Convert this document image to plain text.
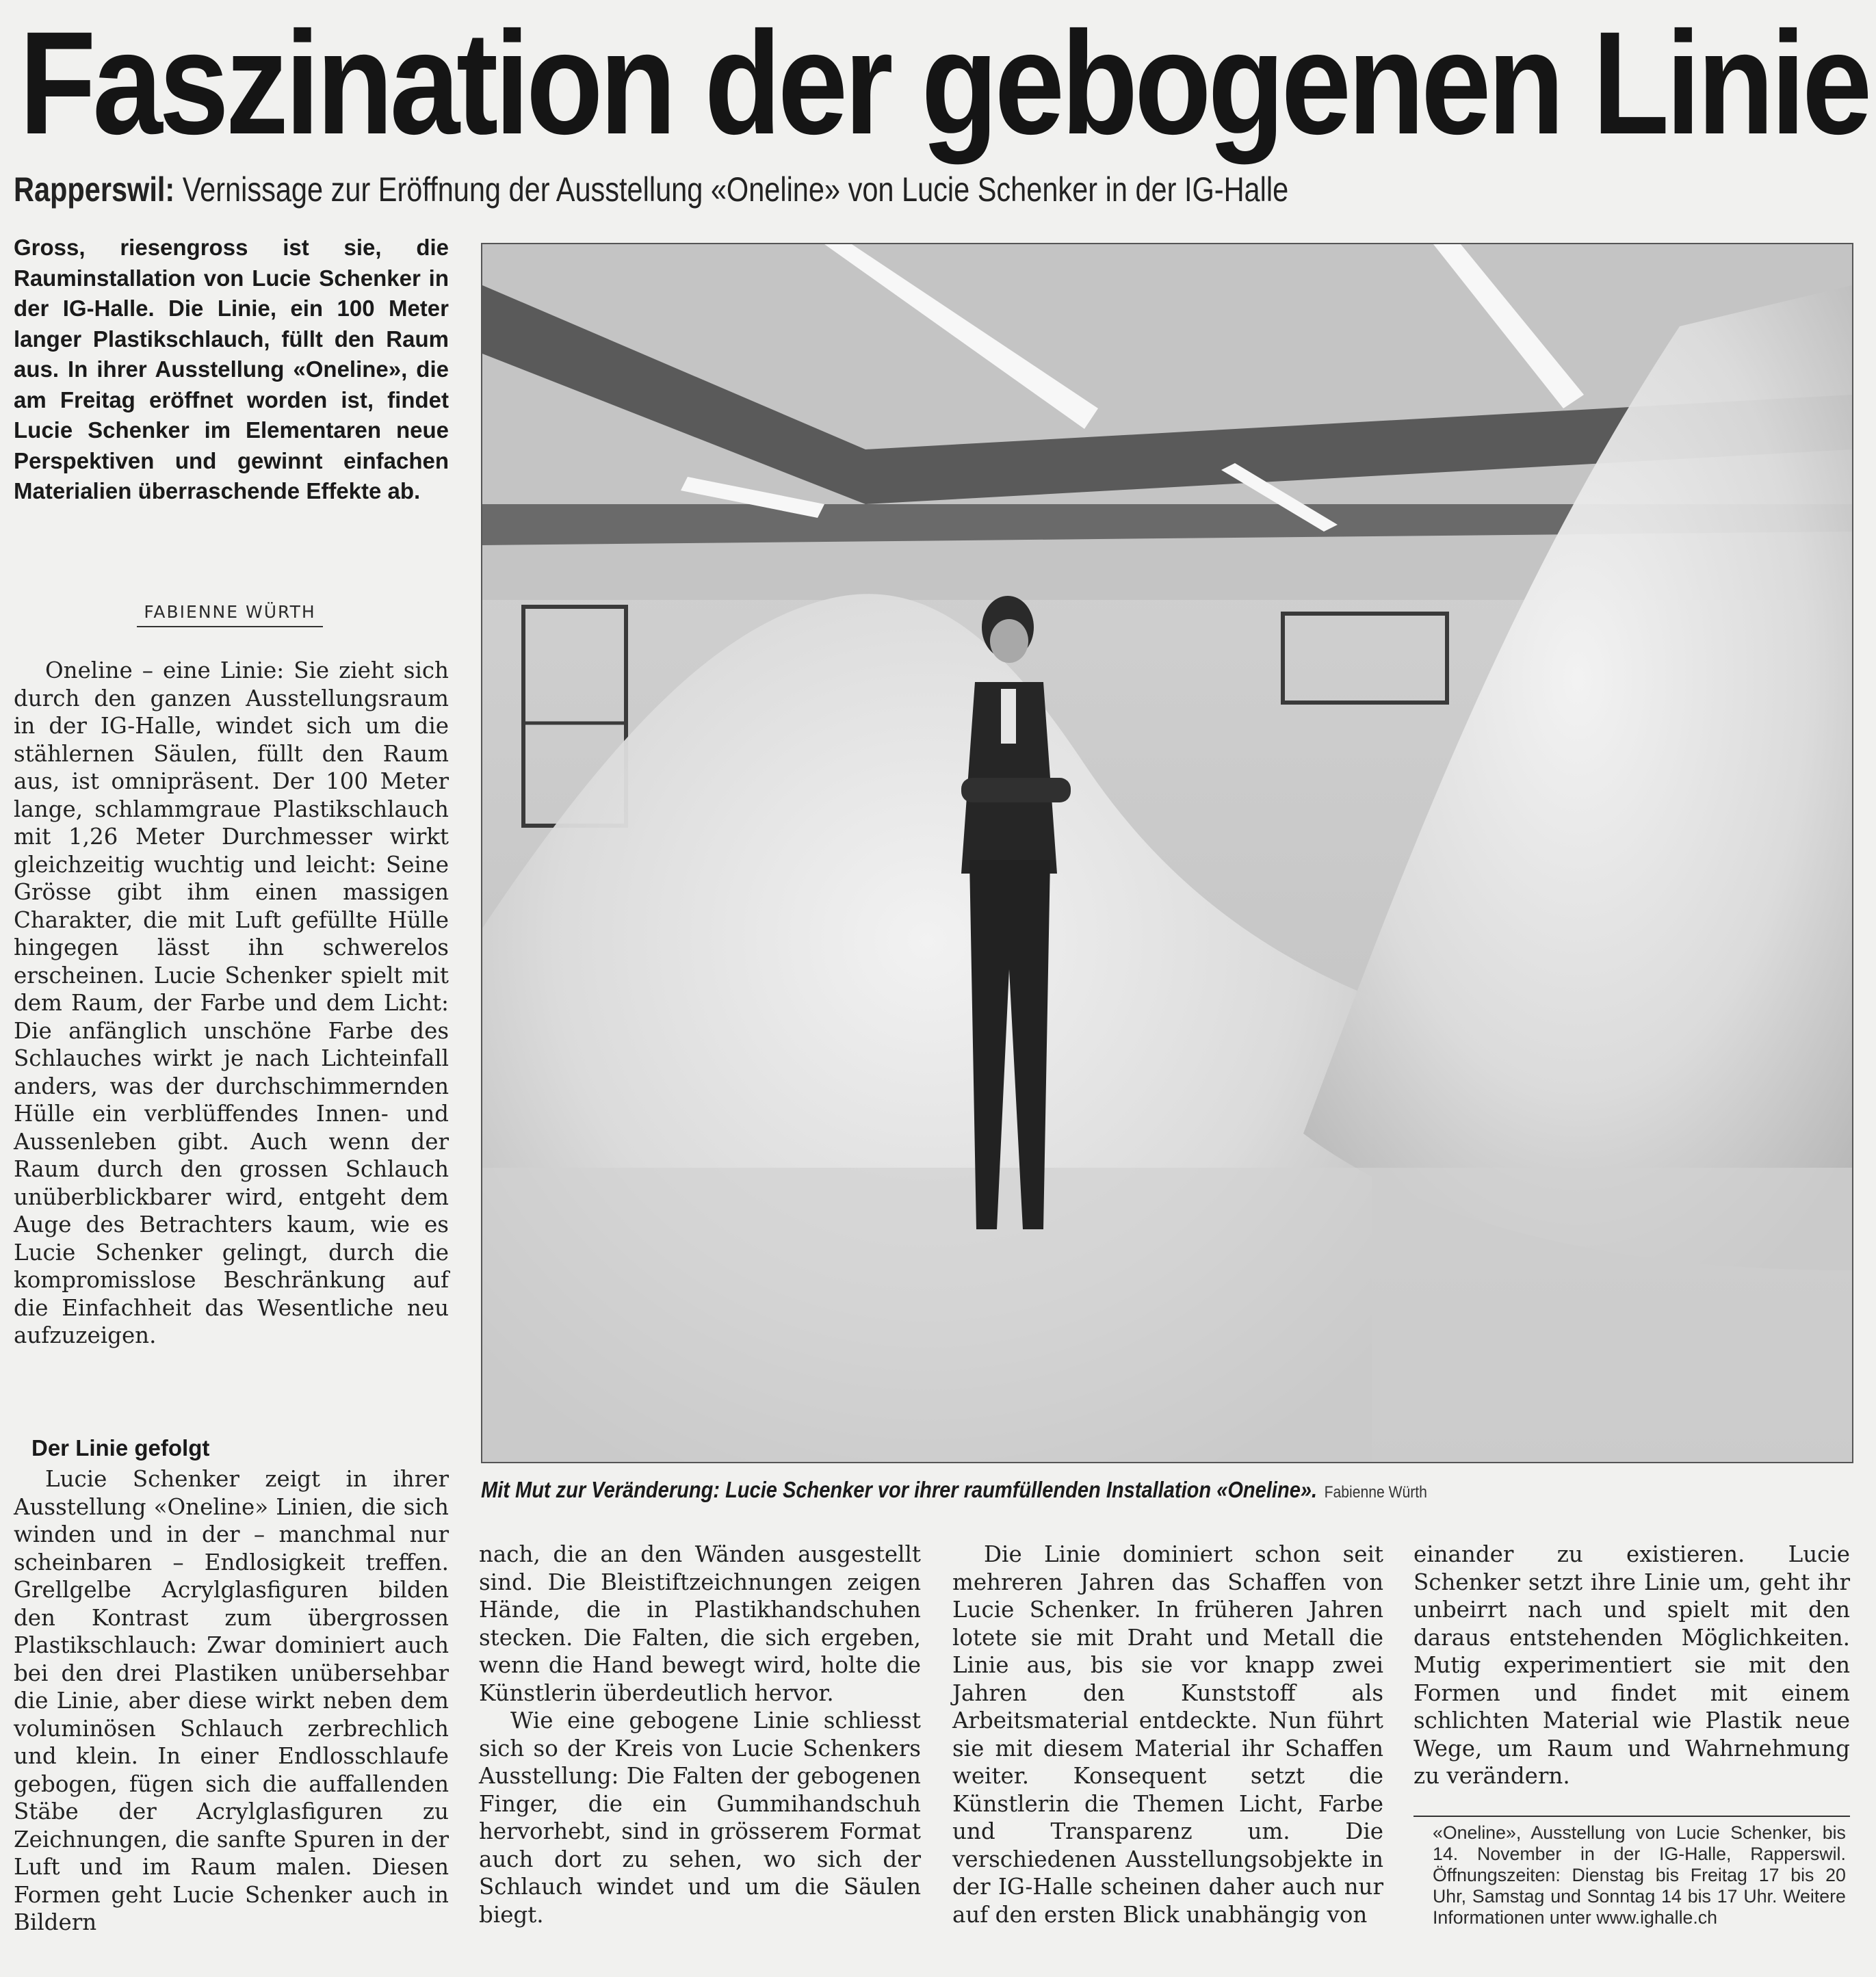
Faszination der gebogenen Linie
Rapperswil: Vernissage zur Eröffnung der Ausstellung «Oneline» von Lucie Schenker in der IG-Halle
Gross, riesengross ist sie, die Rauminstallation von Lucie Schenker in der IG-Halle. Die Linie, ein 100 Meter langer Plastikschlauch, füllt den Raum aus. In ihrer Ausstellung «Oneline», die am Freitag eröffnet worden ist, findet Lucie Schenker im Elementaren neue Perspektiven und gewinnt einfachen Materialien überraschende Effekte ab.
FABIENNE WÜRTH

Oneline – eine Linie: Sie zieht sich durch den ganzen Ausstellungsraum in der IG-Halle, windet sich um die stählernen Säulen, füllt den Raum aus, ist omnipräsent. Der 100 Meter lange, schlammgraue Plastikschlauch mit 1,26 Meter Durchmesser wirkt gleichzeitig wuchtig und leicht: Seine Grösse gibt ihm einen massigen Charakter, die mit Luft gefüllte Hülle hingegen lässt ihn schwerelos erscheinen. Lucie Schenker spielt mit dem Raum, der Farbe und dem Licht: Die anfänglich unschöne Farbe des Schlauches wirkt je nach Lichteinfall anders, was der durchschimmernden Hülle ein verblüffendes Innen- und Aussenleben gibt. Auch wenn der Raum durch den grossen Schlauch unüberblickbarer wird, entgeht dem Auge des Betrachters kaum, wie es Lucie Schenker gelingt, durch die kompromisslose Beschränkung auf die Einfachheit das Wesentliche neu aufzuzeigen.

Der Linie gefolgt

Lucie Schenker zeigt in ihrer Ausstellung «Oneline» Linien, die sich winden und in der – manchmal nur scheinbaren – Endlosigkeit treffen. Grellgelbe Acrylglasfiguren bilden den Kontrast zum übergrossen Plastikschlauch: Zwar dominiert auch bei den drei Plastiken unübersehbar die Linie, aber diese wirkt neben dem voluminösen Schlauch zerbrechlich und klein. In einer Endlosschlaufe gebogen, fügen sich die auffallenden Stäbe der Acrylglasfiguren zu Zeichnungen, die sanfte Spuren in der Luft und im Raum malen. Diesen Formen geht Lucie Schenker auch in Bildern

Mit Mut zur Veränderung: Lucie Schenker vor ihrer raumfüllenden Installation «Oneline». Fabienne Würth

nach, die an den Wänden ausgestellt sind. Die Bleistiftzeichnungen zeigen Hände, die in Plastikhandschuhen stecken. Die Falten, die sich ergeben, wenn die Hand bewegt wird, holte die Künstlerin überdeutlich hervor.

Wie eine gebogene Linie schliesst sich so der Kreis von Lucie Schenkers Ausstellung: Die Falten der gebogenen Finger, die ein Gummihandschuh hervorhebt, sind in grösserem Format auch dort zu sehen, wo sich der Schlauch windet und um die Säulen biegt.

Die Linie dominiert schon seit mehreren Jahren das Schaffen von Lucie Schenker. In früheren Jahren lotete sie mit Draht und Metall die Linie aus, bis sie vor knapp zwei Jahren den Kunststoff als Arbeitsmaterial entdeckte. Nun führt sie mit diesem Material ihr Schaffen weiter. Konsequent setzt die Künstlerin die Themen Licht, Farbe und Transparenz um. Die verschiedenen Ausstellungsobjekte in der IG-Halle scheinen daher auch nur auf den ersten Blick unabhängig von

einander zu existieren. Lucie Schenker setzt ihre Linie um, geht ihr unbeirrt nach und spielt mit den daraus entstehenden Möglichkeiten. Mutig experimentiert sie mit den Formen und findet mit einem schlichten Material wie Plastik neue Wege, um Raum und Wahrnehmung zu verändern.

«Oneline», Ausstellung von Lucie Schenker, bis 14. November in der IG-Halle, Rapperswil. Öffnungszeiten: Dienstag bis Freitag 17 bis 20 Uhr, Samstag und Sonntag 14 bis 17 Uhr. Weitere Informationen unter www.ighalle.ch
